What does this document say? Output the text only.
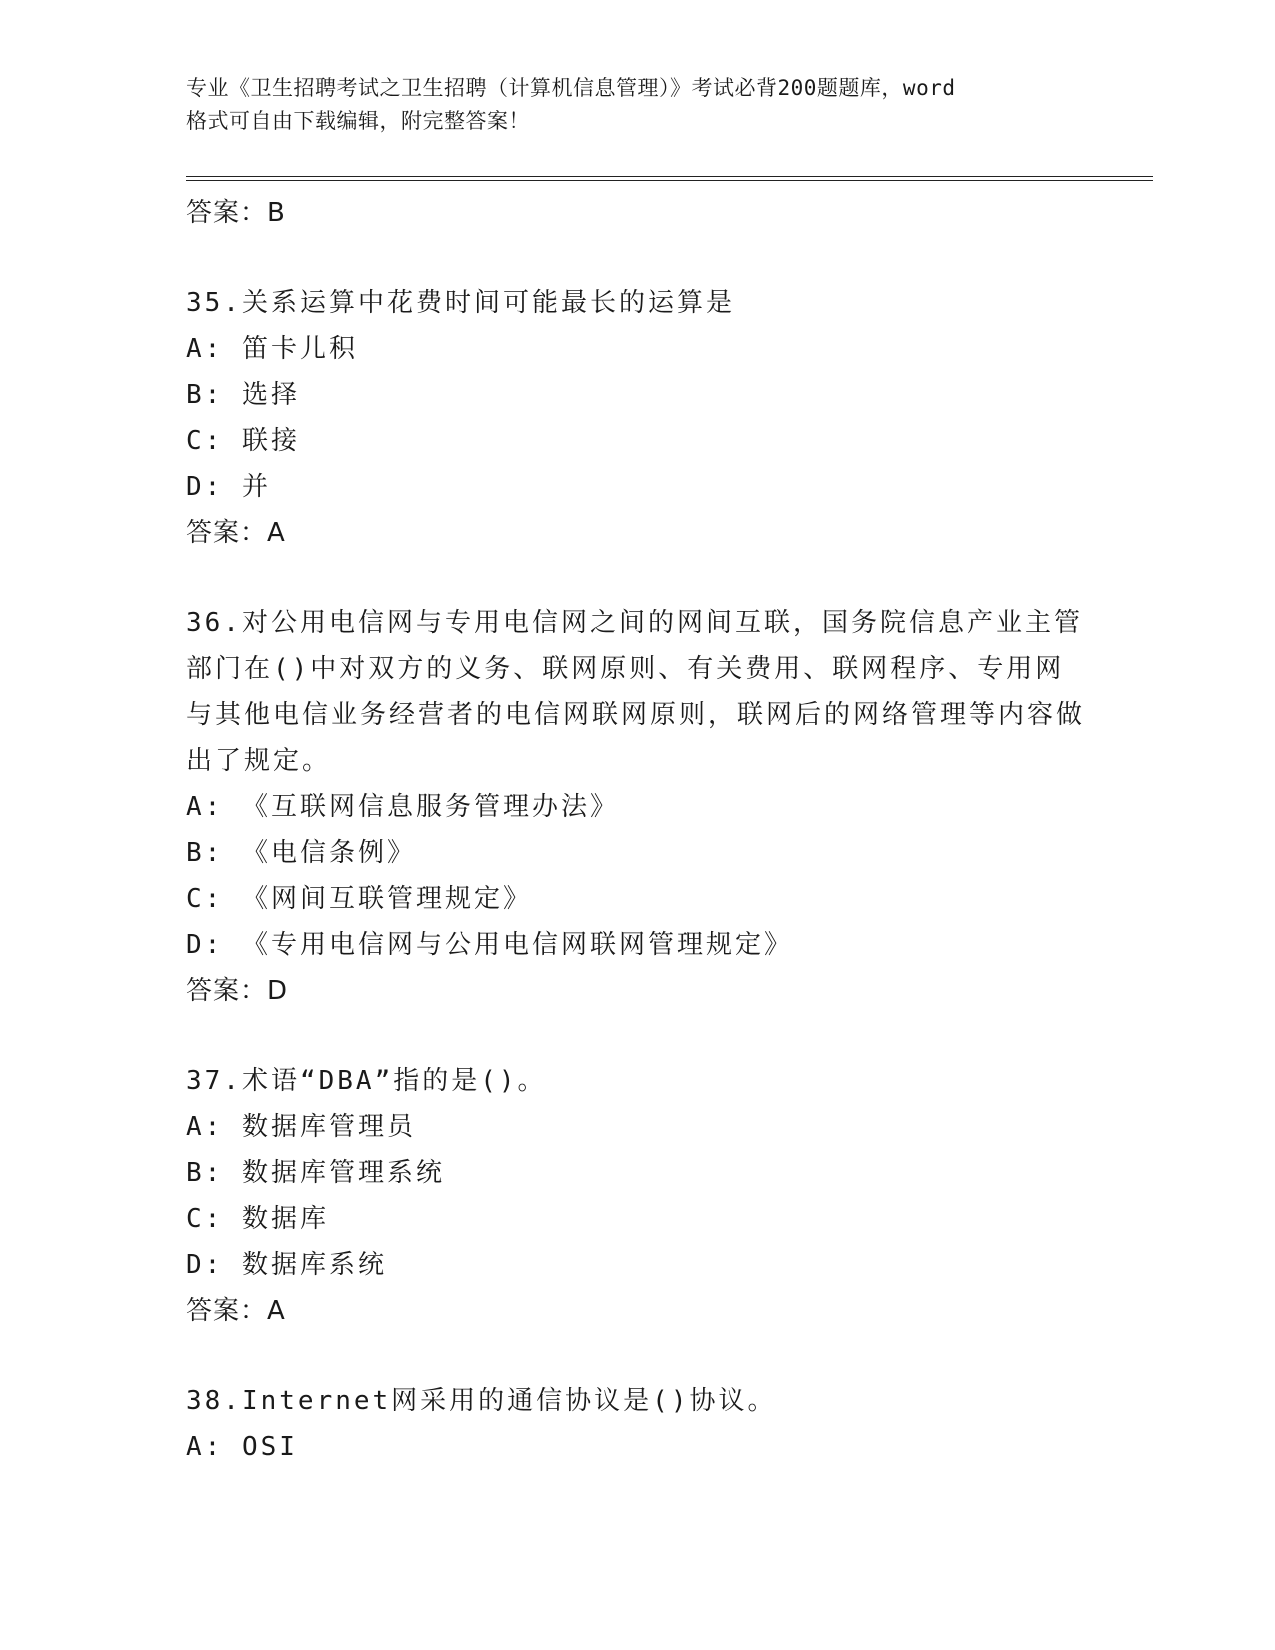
专业《卫生招聘考试之卫生招聘（计算机信息管理）》考试必背200题题库，word
格式可自由下载编辑，附完整答案！
答案：B
35.关系运算中花费时间可能最长的运算是
A: 笛卡儿积
B: 选择
C: 联接
D: 并
答案：A
36.对公用电信网与专用电信网之间的网间互联，国务院信息产业主管部门在()中对双方的义务、联网原则、有关费用、联网程序、专用网与其他电信业务经营者的电信网联网原则，联网后的网络管理等内容做出了规定。
A: 《互联网信息服务管理办法》
B: 《电信条例》
C: 《网间互联管理规定》
D: 《专用电信网与公用电信网联网管理规定》
答案：D
37.术语“DBA”指的是()。
A: 数据库管理员
B: 数据库管理系统
C: 数据库
D: 数据库系统
答案：A
38.Internet网采用的通信协议是()协议。
A: OSI
